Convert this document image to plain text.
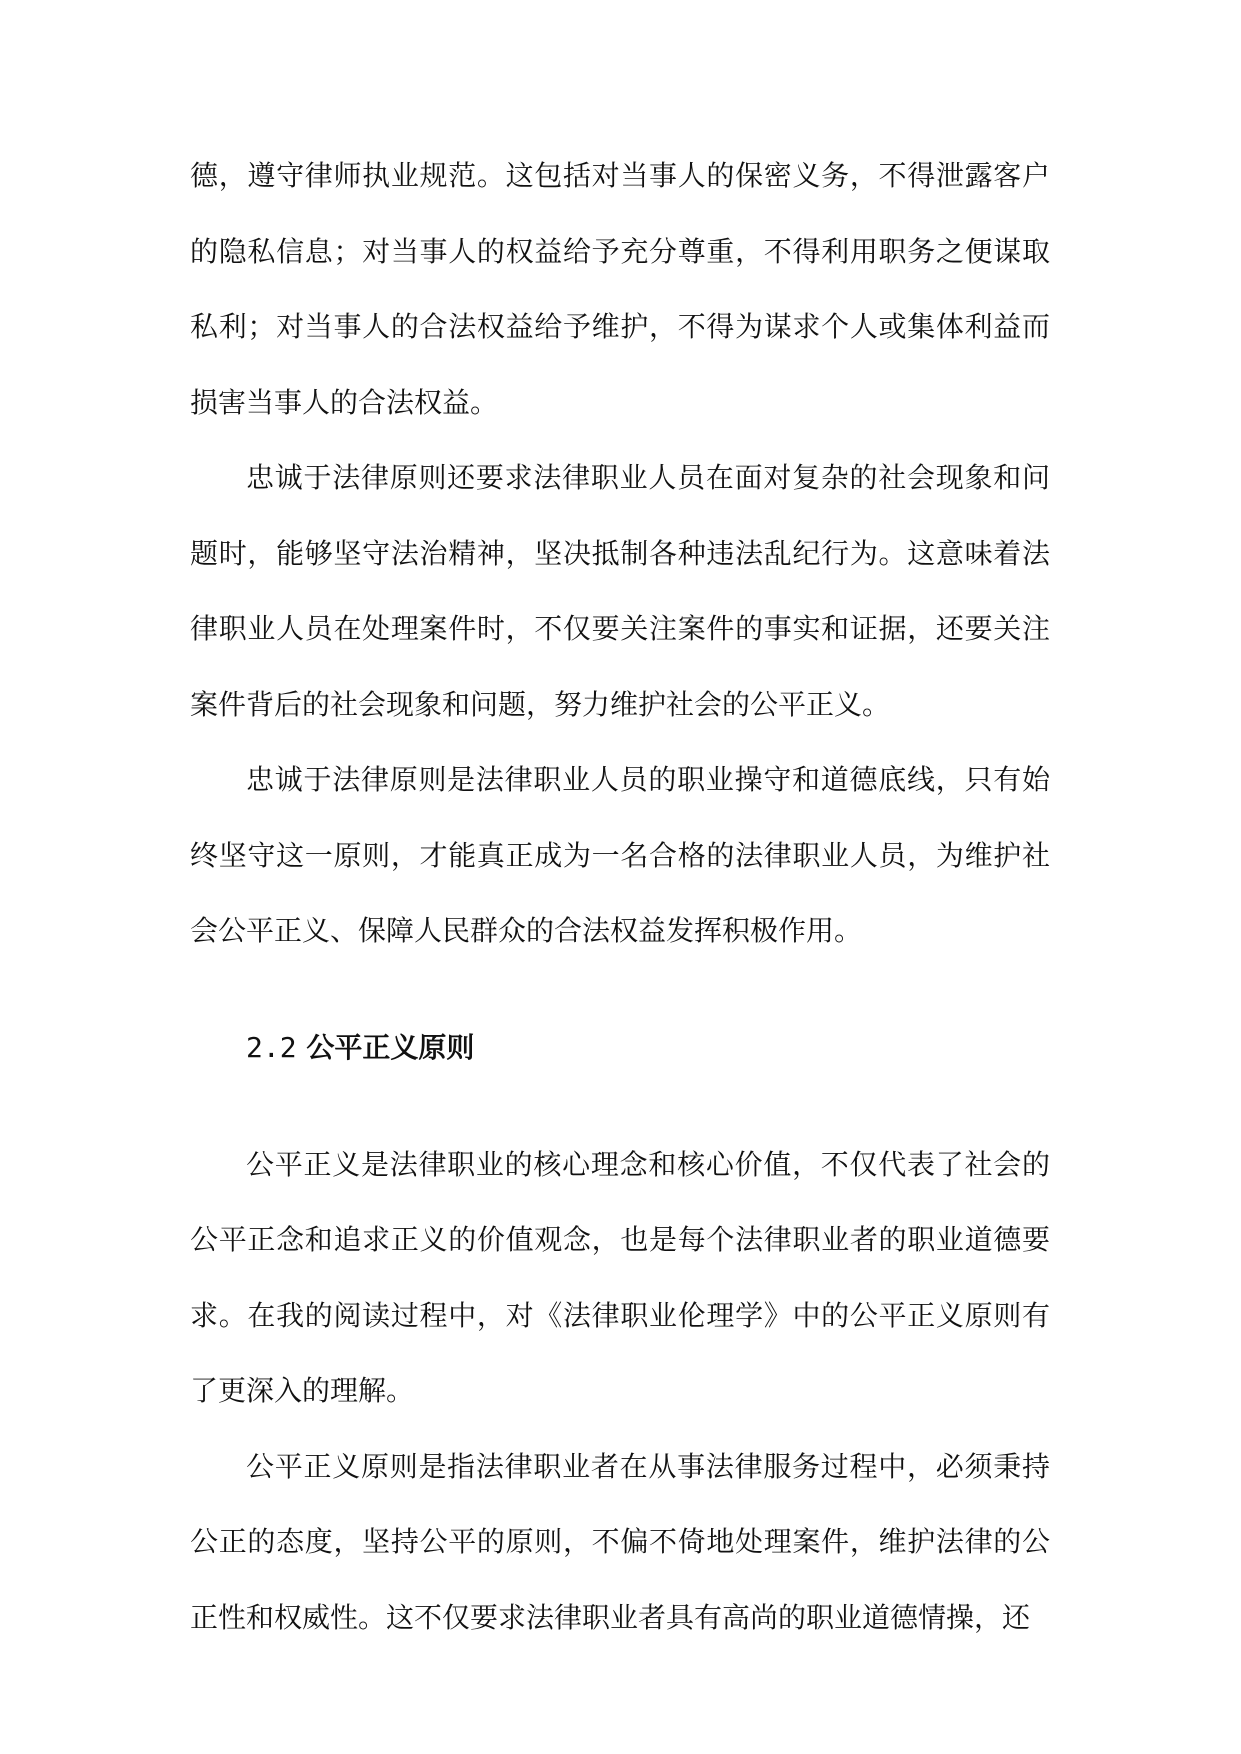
德，遵守律师执业规范。这包括对当事人的保密义务，不得泄露客户的隐私信息；对当事人的权益给予充分尊重，不得利用职务之便谋取私利；对当事人的合法权益给予维护，不得为谋求个人或集体利益而损害当事人的合法权益。

忠诚于法律原则还要求法律职业人员在面对复杂的社会现象和问题时，能够坚守法治精神，坚决抵制各种违法乱纪行为。这意味着法律职业人员在处理案件时，不仅要关注案件的事实和证据，还要关注案件背后的社会现象和问题，努力维护社会的公平正义。

忠诚于法律原则是法律职业人员的职业操守和道德底线，只有始终坚守这一原则，才能真正成为一名合格的法律职业人员，为维护社会公平正义、保障人民群众的合法权益发挥积极作用。

2.2 公平正义原则

公平正义是法律职业的核心理念和核心价值，不仅代表了社会的公平正念和追求正义的价值观念，也是每个法律职业者的职业道德要求。在我的阅读过程中，对《法律职业伦理学》中的公平正义原则有了更深入的理解。

公平正义原则是指法律职业者在从事法律服务过程中，必须秉持公正的态度，坚持公平的原则，不偏不倚地处理案件，维护法律的公正性和权威性。这不仅要求法律职业者具有高尚的职业道德情操，还
